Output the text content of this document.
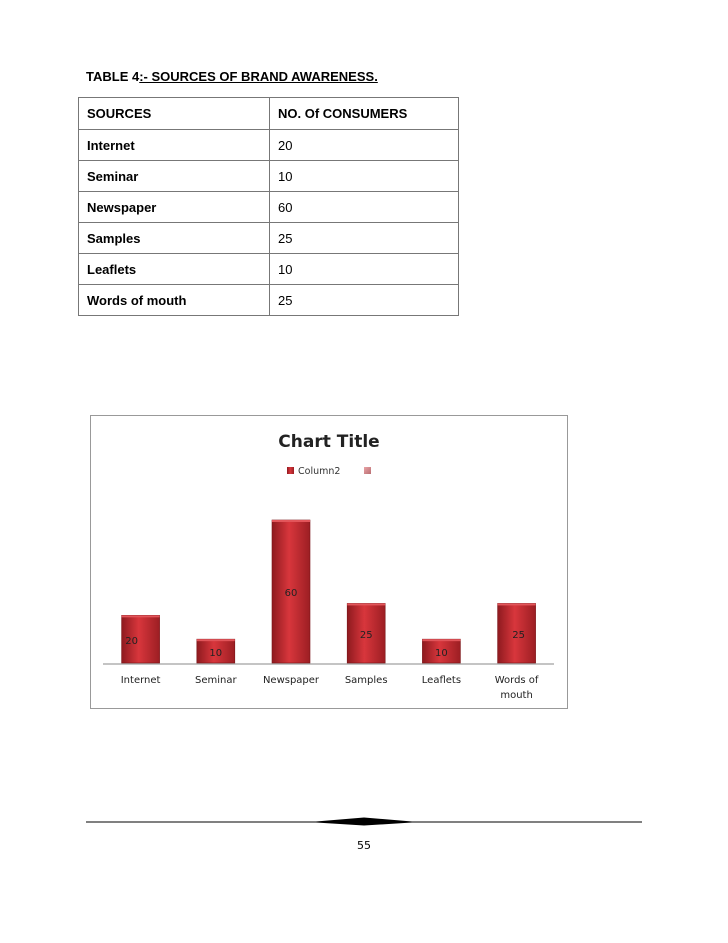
TABLE 4:- SOURCES OF BRAND AWARENESS.
SOURCES	NO. Of CONSUMERS
Internet	20
Seminar	10
Newspaper	60
Samples	25
Leaflets	10
Words of mouth	25
Chart Title
Column2
20
10
60
25
10
25
Internet	Seminar	Newspaper	Samples	Leaflets	Words of
mouth
55
